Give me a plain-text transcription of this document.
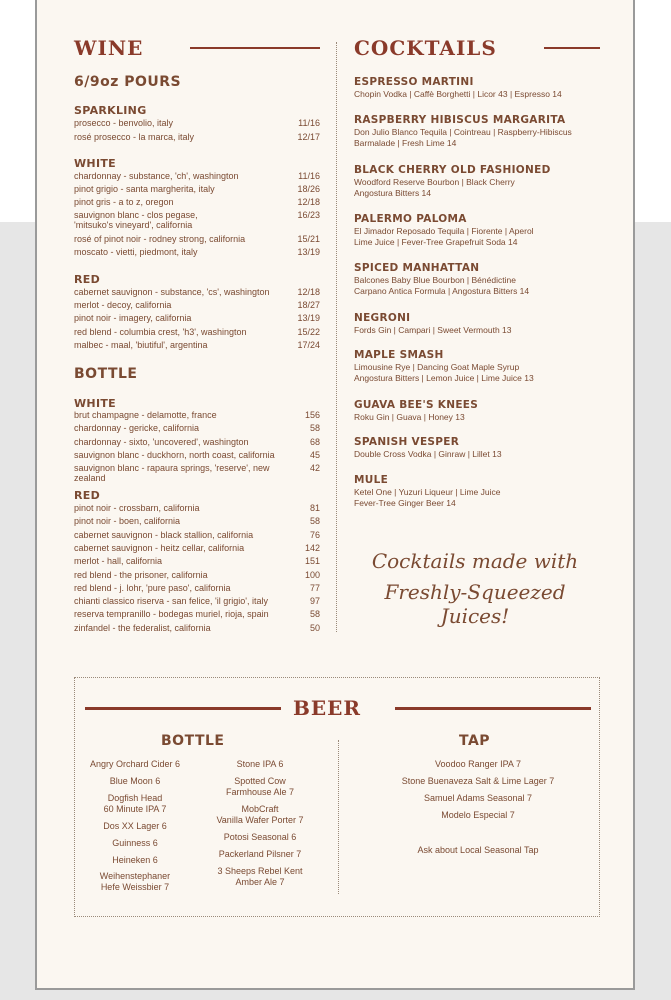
WINE
6/9oz POURS
SPARKLING
prosecco - benvolio, italy	11/16
rosé prosecco - la marca, italy	12/17
WHITE
chardonnay - substance, 'ch', washington	11/16
pinot grigio - santa margherita, italy	18/26
pinot gris - a to z, oregon	12/18
sauvignon blanc - clos pegase,
'mitsuko's vineyard', california
16/23
rosé of pinot noir - rodney strong, california	15/21
moscato - vietti, piedmont, italy	13/19
RED
cabernet sauvignon - substance, 'cs', washington	12/18
merlot - decoy, california	18/27
pinot noir - imagery, california	13/19
red blend - columbia crest, 'h3', washington	15/22
malbec - maal, 'biutiful', argentina	17/24
BOTTLE
WHITE
brut champagne - delamotte, france	156
chardonnay - gericke, california	58
chardonnay - sixto, 'uncovered', washington	68
sauvignon blanc - duckhorn, north coast, california	45
sauvignon blanc - rapaura springs, 'reserve', new zealand
42
RED
pinot noir - crossbarn, california	81
pinot noir - boen, california	58
cabernet sauvignon - black stallion, california	76
cabernet sauvignon - heitz cellar, california	142
merlot - hall, california	151
red blend - the prisoner, california	100
red blend - j. lohr, 'pure paso', california	77
chianti classico riserva - san felice, 'il grigio', italy	97
reserva tempranillo - bodegas muriel, rioja, spain	58
zinfandel - the federalist, california	50
COCKTAILS
ESPRESSO MARTINI
Chopin Vodka | Caffè Borghetti | Licor 43 | Espresso 14
RASPBERRY HIBISCUS MARGARITA
Don Julio Blanco Tequila | Cointreau | Raspberry-Hibiscus
Barmalade | Fresh Lime 14
BLACK CHERRY OLD FASHIONED
Woodford Reserve Bourbon | Black Cherry
Angostura Bitters 14
PALERMO PALOMA
El Jimador Reposado Tequila | Fiorente | Aperol
Lime Juice | Fever-Tree Grapefruit Soda 14
SPICED MANHATTAN
Balcones Baby Blue Bourbon | Bénédictine
Carpano Antica Formula | Angostura Bitters 14
NEGRONI
Fords Gin | Campari | Sweet Vermouth 13
MAPLE SMASH
Limousine Rye | Dancing Goat Maple Syrup
Angostura Bitters | Lemon Juice | Lime Juice 13
GUAVA BEE'S KNEES
Roku Gin | Guava | Honey 13
SPANISH VESPER
Double Cross Vodka | Ginraw | Lillet 13
MULE
Ketel One | Yuzuri Liqueur | Lime Juice
Fever-Tree Ginger Beer 14
Cocktails made with
Freshly-Squeezed Juices!
BEER
BOTTLE	TAP
Angry Orchard Cider 6
Blue Moon 6
Dogfish Head
60 Minute IPA 7
Dos XX Lager 6
Guinness 6
Heineken 6
Weihenstephaner
Hefe Weissbier 7
Stone IPA 6
Spotted Cow
Farmhouse Ale 7
MobCraft
Vanilla Wafer Porter 7
Potosi Seasonal 6
Packerland Pilsner 7
3 Sheeps Rebel Kent
Amber Ale 7
Voodoo Ranger IPA 7
Stone Buenaveza Salt & Lime Lager 7
Samuel Adams Seasonal 7
Modelo Especial 7
Ask about Local Seasonal Tap
